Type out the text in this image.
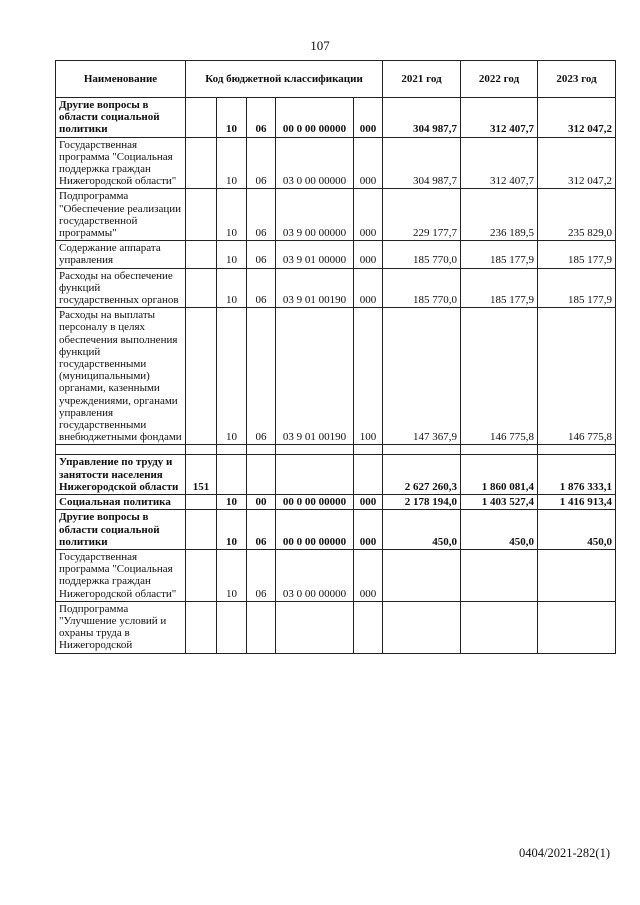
107
Наименование	Код бюджетной классификации					2021 год	2022 год	2023 год
Другие вопросы в области социальной политики		10	06	00 0 00 00000	000	304 987,7	312 407,7	312 047,2
Государственная программа "Социальная поддержка граждан Нижегородской области"		10	06	03 0 00 00000	000	304 987,7	312 407,7	312 047,2
Подпрограмма "Обеспечение реализации государственной программы"		10	06	03 9 00 00000	000	229 177,7	236 189,5	235 829,0
Содержание аппарата управления		10	06	03 9 01 00000	000	185 770,0	185 177,9	185 177,9
Расходы на обеспечение функций государственных органов		10	06	03 9 01 00190	000	185 770,0	185 177,9	185 177,9
Расходы на выплаты персоналу в целях обеспечения выполнения функций государственными (муниципальными) органами, казенными учреждениями, органами управления государственными внебюджетными фондами		10	06	03 9 01 00190	100	147 367,9	146 775,8	146 775,8

Управление по труду и занятости населения Нижегородской области	151					2 627 260,3	1 860 081,4	1 876 333,1
Социальная политика		10	00	00 0 00 00000	000	2 178 194,0	1 403 527,4	1 416 913,4
Другие вопросы в области социальной политики		10	06	00 0 00 00000	000	450,0	450,0	450,0
Государственная программа "Социальная поддержка граждан Нижегородской области"		10	06	03 0 00 00000	000			
Подпрограмма "Улучшение условий и охраны труда в Нижегородской								
0404/2021-282(1)
